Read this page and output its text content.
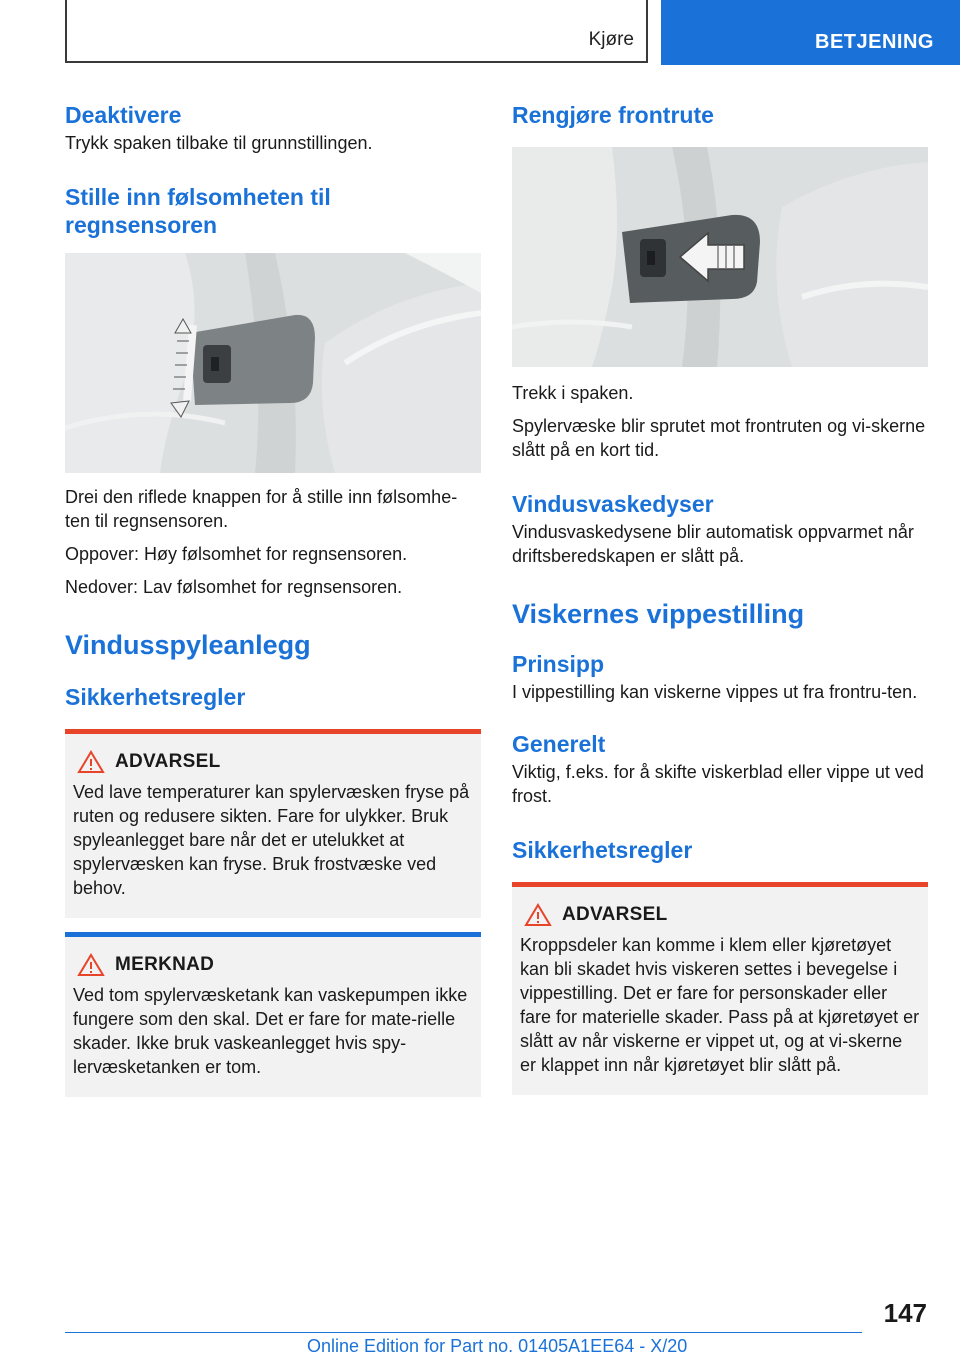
Kjøre	BETJENING
Deaktivere

Trykk spaken tilbake til grunnstillingen.

Stille inn følsomheten til regnsensoren

Drei den riflede knappen for å stille inn følsomhe-ten til regnsensoren.

Oppover: Høy følsomhet for regnsensoren.

Nedover: Lav følsomhet for regnsensoren.

Vindusspyleanlegg
Sikkerhetsregler
ADVARSEL

Ved lave temperaturer kan spylervæsken fryse på ruten og redusere sikten. Fare for ulykker. Bruk spyleanlegget bare når det er utelukket at spylervæsken kan fryse. Bruk frostvæske ved behov.

MERKNAD

Ved tom spylervæsketank kan vaskepumpen ikke fungere som den skal. Det er fare for mate-rielle skader. Ikke bruk vaskeanlegget hvis spy-lervæsketanken er tom.

Rengjøre frontrute

Trekk i spaken.

Spylervæske blir sprutet mot frontruten og vi-skerne slått på en kort tid.

Vindusvaskedyser

Vindusvaskedysene blir automatisk oppvarmet når driftsberedskapen er slått på.

Viskernes vippestilling
Prinsipp

I vippestilling kan viskerne vippes ut fra frontru-ten.

Generelt

Viktig, f.eks. for å skifte viskerblad eller vippe ut ved frost.

Sikkerhetsregler
ADVARSEL

Kroppsdeler kan komme i klem eller kjøretøyet kan bli skadet hvis viskeren settes i bevegelse i vippestilling. Det er fare for personskader eller fare for materielle skader. Pass på at kjøretøyet er slått av når viskerne er vippet ut, og at vi-skerne er klappet inn når kjøretøyet blir slått på.

147
Online Edition for Part no. 01405A1EE64 - X/20
